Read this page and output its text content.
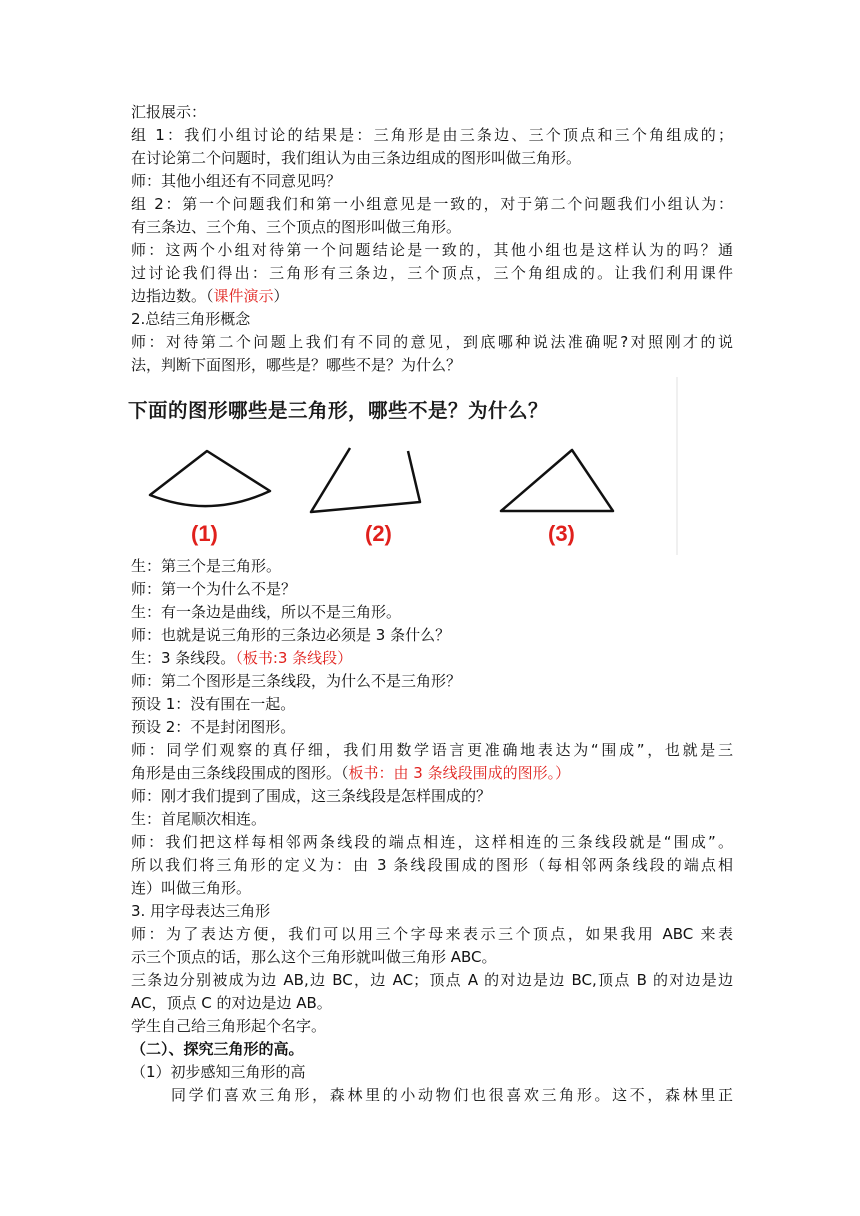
汇报展示：
组 1：我们小组讨论的结果是：三角形是由三条边、三个顶点和三个角组成的；
在讨论第二个问题时，我们组认为由三条边组成的图形叫做三角形。
师：其他小组还有不同意见吗？
组 2：第一个问题我们和第一小组意见是一致的，对于第二个问题我们小组认为：
有三条边、三个角、三个顶点的图形叫做三角形。
师：这两个小组对待第一个问题结论是一致的，其他小组也是这样认为的吗？通
过讨论我们得出：三角形有三条边，三个顶点，三个角组成的。让我们利用课件
边指边数。（课件演示）
2.总结三角形概念
师：对待第二个问题上我们有不同的意见，到底哪种说法准确呢?对照刚才的说
法，判断下面图形，哪些是？哪些不是？为什么？
下面的图形哪些是三角形，哪些不是？为什么？
(1)	(2)	(3)
生：第三个是三角形。
师：第一个为什么不是？
生：有一条边是曲线，所以不是三角形。
师：也就是说三角形的三条边必须是 3 条什么？
生：3 条线段。（板书:3 条线段）
师：第二个图形是三条线段，为什么不是三角形？
预设 1：没有围在一起。
预设 2：不是封闭图形。
师：同学们观察的真仔细，我们用数学语言更准确地表达为“围成”，也就是三
角形是由三条线段围成的图形。（板书：由 3 条线段围成的图形。）
师：刚才我们提到了围成，这三条线段是怎样围成的？
生：首尾顺次相连。
师：我们把这样每相邻两条线段的端点相连，这样相连的三条线段就是“围成”。
所以我们将三角形的定义为：由 3 条线段围成的图形（每相邻两条线段的端点相
连）叫做三角形。
3. 用字母表达三角形
师：为了表达方便，我们可以用三个字母来表示三个顶点，如果我用 ABC 来表
示三个顶点的话，那么这个三角形就叫做三角形 ABC。
三条边分别被成为边 AB,边 BC，边 AC；顶点 A 的对边是边 BC,顶点 B 的对边是边
AC，顶点 C 的对边是边 AB。
学生自己给三角形起个名字。
（二）、探究三角形的高。
（1）初步感知三角形的高
同学们喜欢三角形，森林里的小动物们也很喜欢三角形。这不，森林里正
